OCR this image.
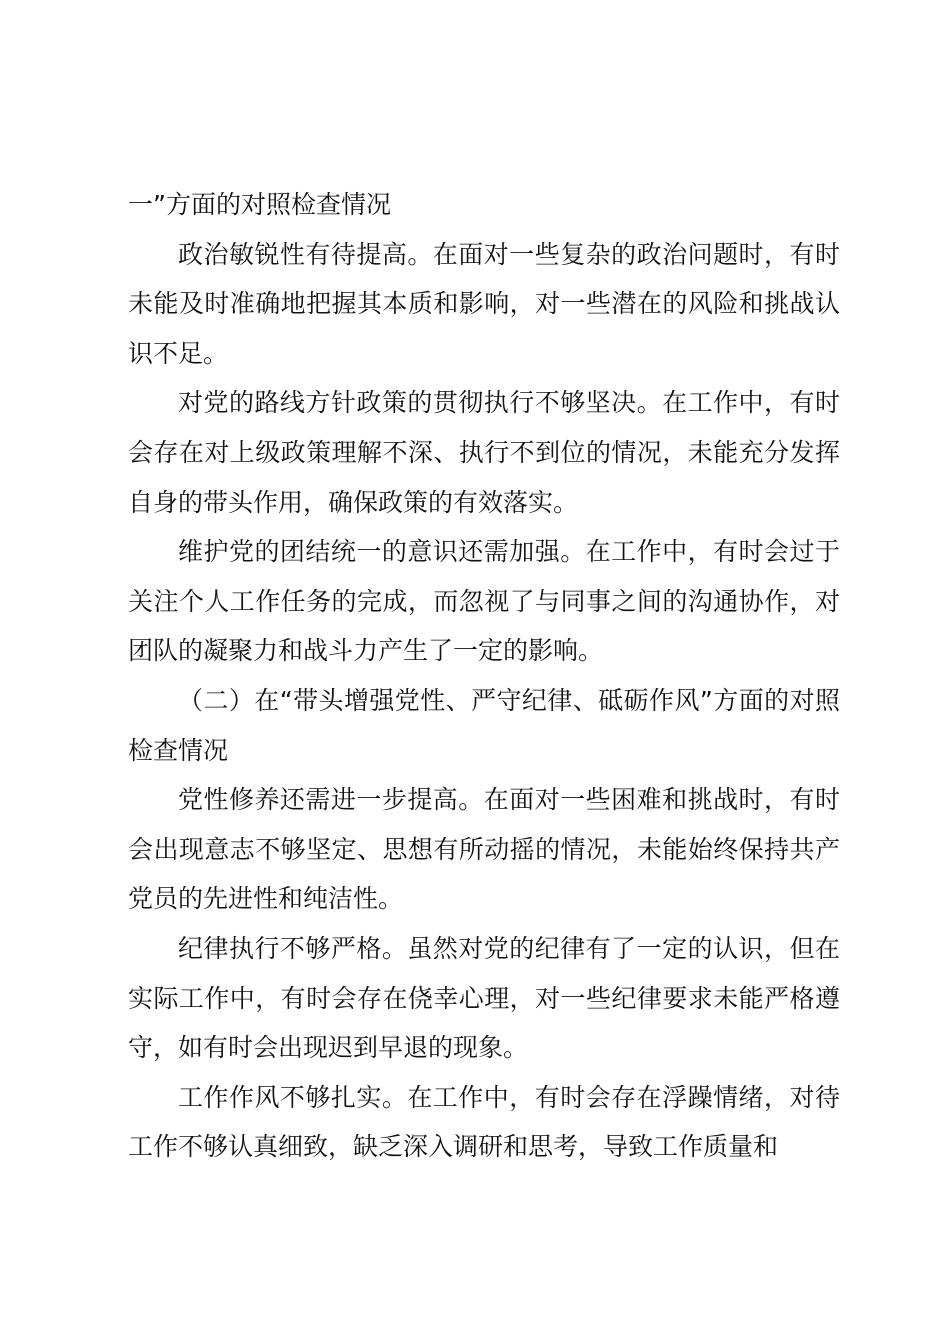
一”方面的对照检查情况

政治敏锐性有待提高。在面对一些复杂的政治问题时，有时未能及时准确地把握其本质和影响，对一些潜在的风险和挑战认识不足。

对党的路线方针政策的贯彻执行不够坚决。在工作中，有时会存在对上级政策理解不深、执行不到位的情况，未能充分发挥自身的带头作用，确保政策的有效落实。

维护党的团结统一的意识还需加强。在工作中，有时会过于关注个人工作任务的完成，而忽视了与同事之间的沟通协作，对团队的凝聚力和战斗力产生了一定的影响。

（二）在“带头增强党性、严守纪律、砥砺作风”方面的对照检查情况

党性修养还需进一步提高。在面对一些困难和挑战时，有时会出现意志不够坚定、思想有所动摇的情况，未能始终保持共产党员的先进性和纯洁性。

纪律执行不够严格。虽然对党的纪律有了一定的认识，但在实际工作中，有时会存在侥幸心理，对一些纪律要求未能严格遵守，如有时会出现迟到早退的现象。

工作作风不够扎实。在工作中，有时会存在浮躁情绪，对待工作不够认真细致，缺乏深入调研和思考，导致工作质量和
